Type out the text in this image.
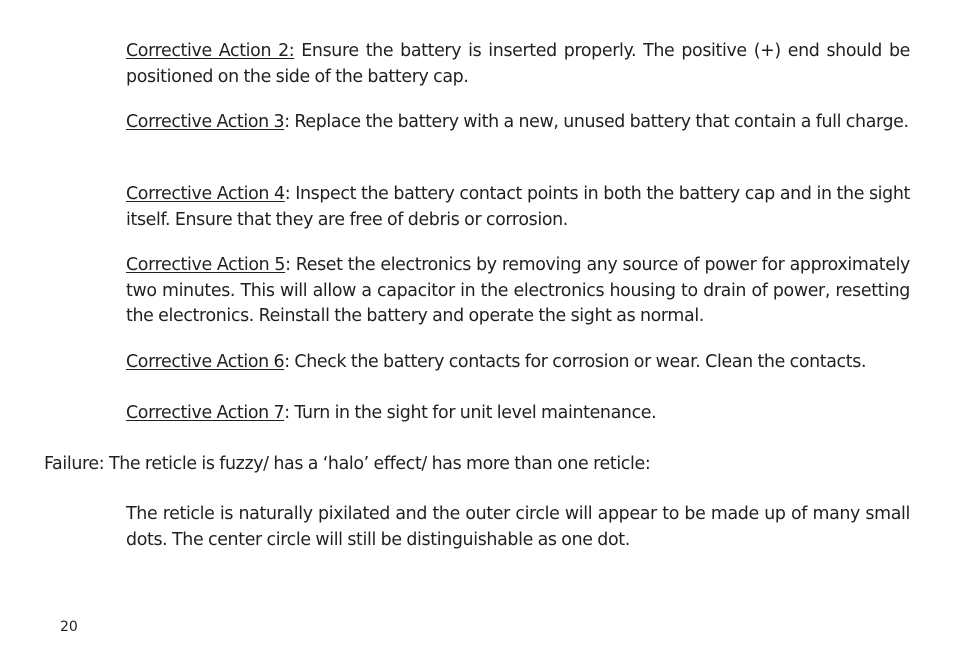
Corrective Action 2: Ensure the battery is inserted properly. The positive (+) end should be positioned on the side of the battery cap.

Corrective Action 3: Replace the battery with a new, unused battery that contain a full charge.

Corrective Action 4: Inspect the battery contact points in both the battery cap and in the sight itself. Ensure that they are free of debris or corrosion.

Corrective Action 5: Reset the electronics by removing any source of power for approximately two minutes. This will allow a capacitor in the electronics housing to drain of power, resetting the electronics. Reinstall the battery and operate the sight as normal.

Corrective Action 6: Check the battery contacts for corrosion or wear. Clean the contacts.

Corrective Action 7: Turn in the sight for unit level maintenance.

Failure: The reticle is fuzzy/ has a ‘halo’ effect/ has more than one reticle:

The reticle is naturally pixilated and the outer circle will appear to be made up of many small dots. The center circle will still be distinguishable as one dot.

20
